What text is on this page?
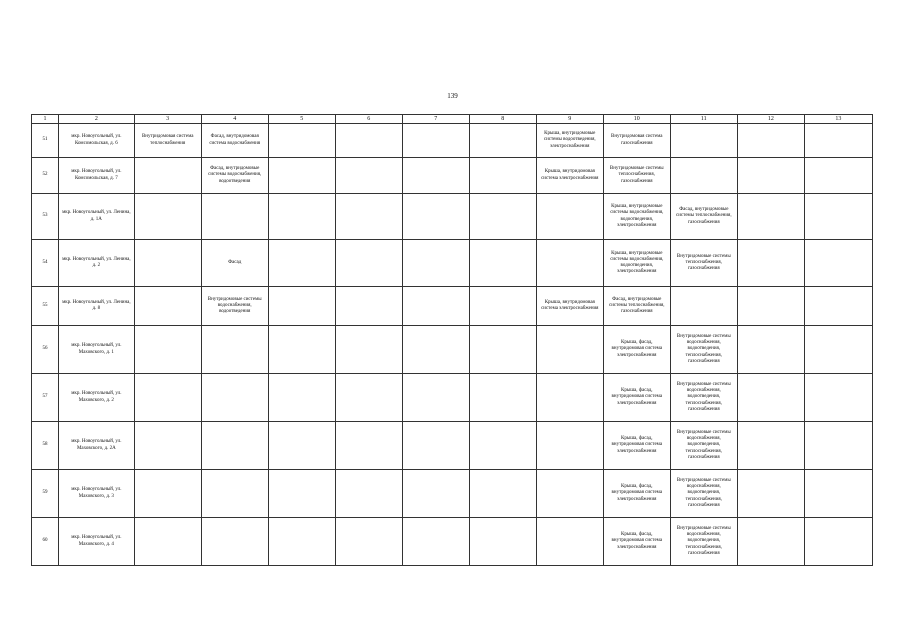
139
1	2	3	4	5	6	7	8	9	10	11	12	13
51	мкр. Новоугольный, ул. Комсомольская, д. 6	Внутридомовая система теплоснабжения	Фасад, внутридомовая система водоснабжения					Крыша, внутридомовые системы водоотведения, электроснабжения	Внутридомовая система газоснабжения			
52	мкр. Новоугольный, ул. Комсомольская, д. 7		Фасад, внутридомовые системы водоснабжения, водоотведения					Крыша, внутридомовая система электроснабжения	Внутридомовые системы теплоснабжения, газоснабжения			
53	мкр. Новоугольный, ул. Ленина, д. 1А								Крыша, внутридомовые системы водоснабжения, водоотведения, электроснабжения	Фасад, внутридомовые системы теплоснабжения, газоснабжения		
54	мкр. Новоугольный, ул. Ленина, д. 2		Фасад						Крыша, внутридомовые системы водоснабжения, водоотведения, электроснабжения	Внутридомовые системы теплоснабжения, газоснабжения		
55	мкр. Новоугольный, ул. Ленина, д. 8		Внутридомовые системы водоснабжения, водоотведения					Крыша, внутридомовая система электроснабжения	Фасад, внутридомовые системы теплоснабжения, газоснабжения			
56	мкр. Новоугольный, ул. Маховского, д. 1								Крыша, фасад, внутридомовая система электроснабжения	Внутридомовые системы водоснабжения, водоотведения, теплоснабжения, газоснабжения		
57	мкр. Новоугольный, ул. Маховского, д. 2								Крыша, фасад, внутридомовая система электроснабжения	Внутридомовые системы водоснабжения, водоотведения, теплоснабжения, газоснабжения		
58	мкр. Новоугольный, ул. Маховского, д. 2А								Крыша, фасад, внутридомовая система электроснабжения	Внутридомовые системы водоснабжения, водоотведения, теплоснабжения, газоснабжения		
59	мкр. Новоугольный, ул. Маховского, д. 3								Крыша, фасад, внутридомовая система электроснабжения	Внутридомовые системы водоснабжения, водоотведения, теплоснабжения, газоснабжения		
60	мкр. Новоугольный, ул. Маховского, д. 4								Крыша, фасад, внутридомовая система электроснабжения	Внутридомовые системы водоснабжения, водоотведения, теплоснабжения, газоснабжения		
